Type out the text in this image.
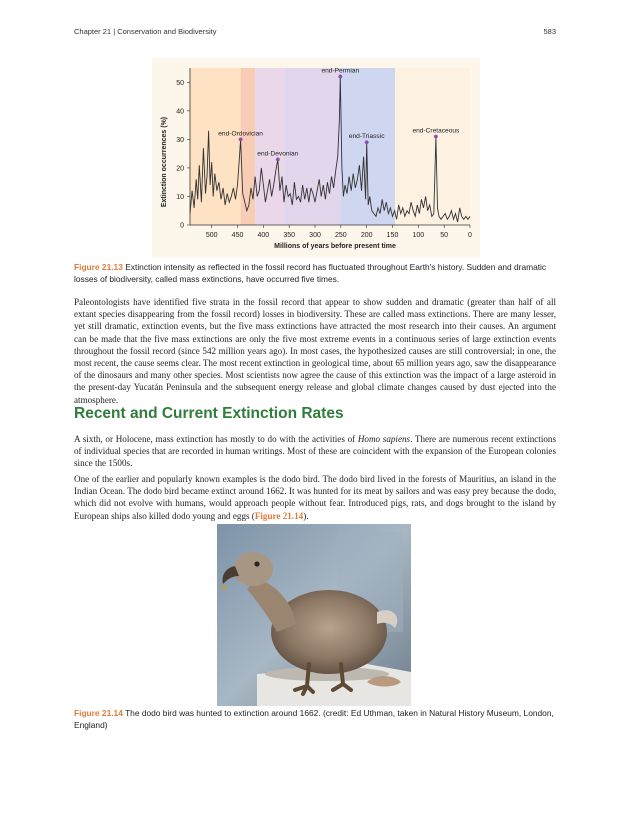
Chapter 21 | Conservation and Biodiversity	583
500 450 400 350 300 250 200 150 100 50	0
0
10
20
30
40
50
end-Ordovician
end-Devonian
end-Permian
end-Triassic
end-Cretaceous
Millions of years before present time
Extinction occurrences (%)
Figure 21.13 Extinction intensity as reflected in the fossil record has fluctuated throughout Earth's history. Sudden and dramatic losses of biodiversity, called mass extinctions, have occurred five times.

Paleontologists have identified five strata in the fossil record that appear to show sudden and dramatic (greater than half of all extant species disappearing from the fossil record) losses in biodiversity. These are called mass extinctions. There are many lesser, yet still dramatic, extinction events, but the five mass extinctions have attracted the most research into their causes. An argument can be made that the five mass extinctions are only the five most extreme events in a continuous series of large extinction events throughout the fossil record (since 542 million years ago). In most cases, the hypothesized causes are still controversial; in one, the most recent, the cause seems clear. The most recent extinction in geological time, about 65 million years ago, saw the disappearance of the dinosaurs and many other species. Most scientists now agree the cause of this extinction was the impact of a large asteroid in the present-day Yucatán Peninsula and the subsequent energy release and global climate changes caused by dust ejected into the atmosphere.

Recent and Current Extinction Rates

A sixth, or Holocene, mass extinction has mostly to do with the activities of Homo sapiens. There are numerous recent extinctions of individual species that are recorded in human writings. Most of these are coincident with the expansion of the European colonies since the 1500s.

One of the earlier and popularly known examples is the dodo bird. The dodo bird lived in the forests of Mauritius, an island in the Indian Ocean. The dodo bird became extinct around 1662. It was hunted for its meat by sailors and was easy prey because the dodo, which did not evolve with humans, would approach people without fear. Introduced pigs, rats, and dogs brought to the island by European ships also killed dodo young and eggs (Figure 21.14).

Figure 21.14 The dodo bird was hunted to extinction around 1662. (credit: Ed Uthman, taken in Natural History Museum, London, England)
